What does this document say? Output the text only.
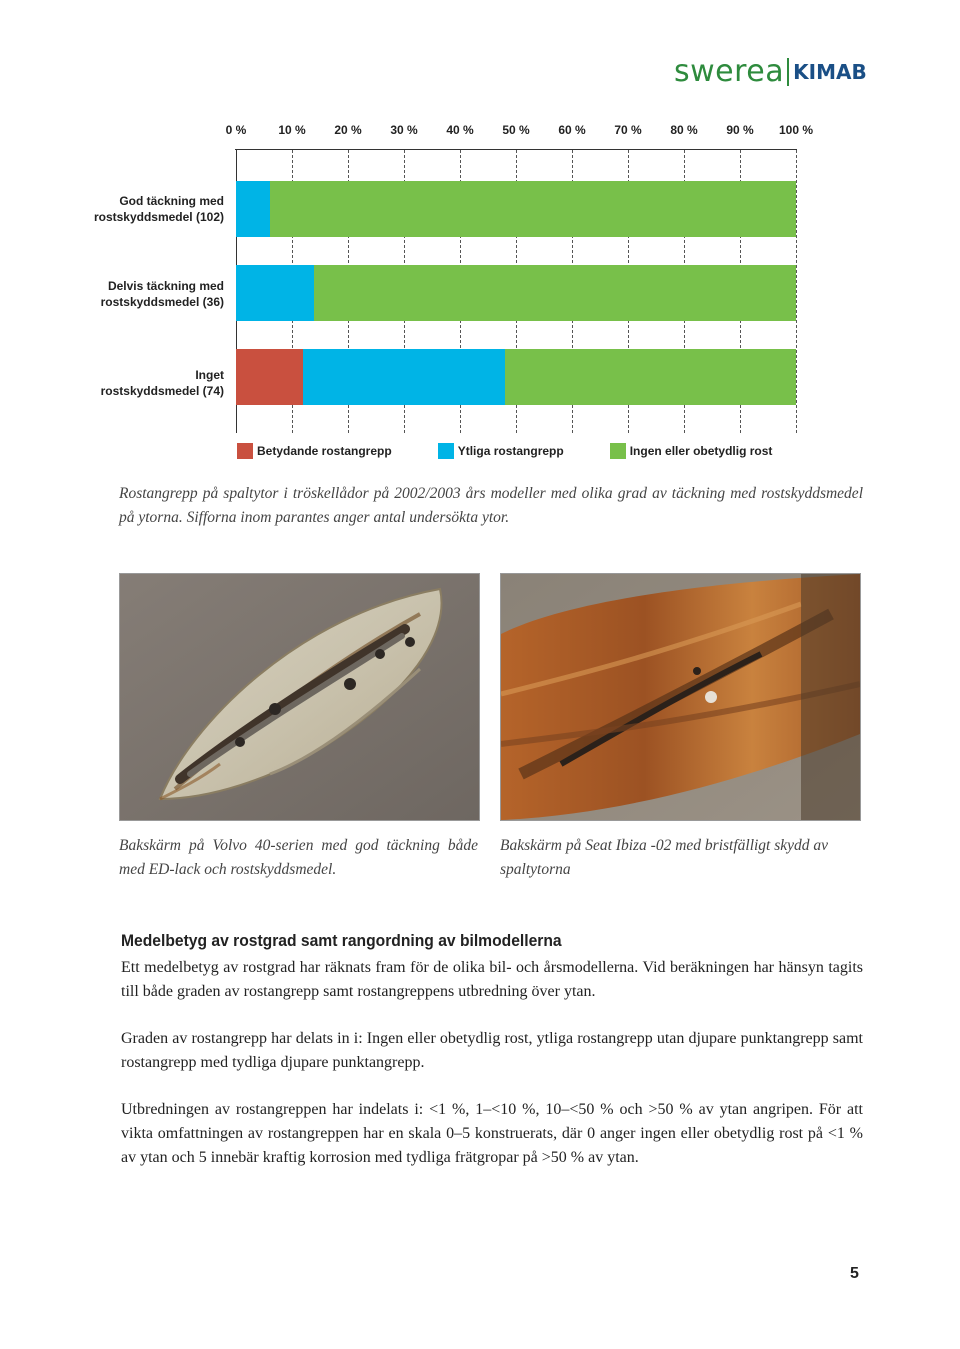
swerea KIMAB
Betydande rostangrepp	Ytliga rostangrepp	Ingen eller obetydlig rost
0 %	10 % 20 % 30 % 40 % 50 % 60 % 70 % 80 % 90 % 100 %
God täckning med
rostskyddsmedel (102)
Delvis täckning med
rostskyddsmedel (36)
Inget
rostskyddsmedel (74)
Rostangrepp på spaltytor i tröskellådor på 2002/2003 års modeller med olika grad av täckning med rostskyddsmedel på ytorna. Sifforna inom parantes anger antal undersökta ytor.
Bakskärm på Volvo 40-serien med god täckning både med ED-lack och rostskyddsmedel.
Bakskärm på Seat Ibiza -02 med bristfälligt skydd av spaltytorna
Medelbetyg av rostgrad samt rangordning av bilmodellerna
Ett medelbetyg av rostgrad har räknats fram för de olika bil- och årsmodellerna. Vid beräkningen har hänsyn tagits till både graden av rostangrepp samt rostangreppens utbredning över ytan.
Graden av rostangrepp har delats in i: Ingen eller obetydlig rost, ytliga rostangrepp utan djupare punktangrepp samt rostangrepp med tydliga djupare punktangrepp.
Utbredningen av rostangreppen har indelats i: <1 %, 1–<10 %, 10–<50 % och >50 % av ytan angripen. För att vikta omfattningen av rostangreppen har en skala 0–5 konstruerats, där 0 anger ingen eller obetydlig rost på <1 % av ytan och 5 innebär kraftig korrosion med tydliga frätgropar på >50 % av ytan.
5
